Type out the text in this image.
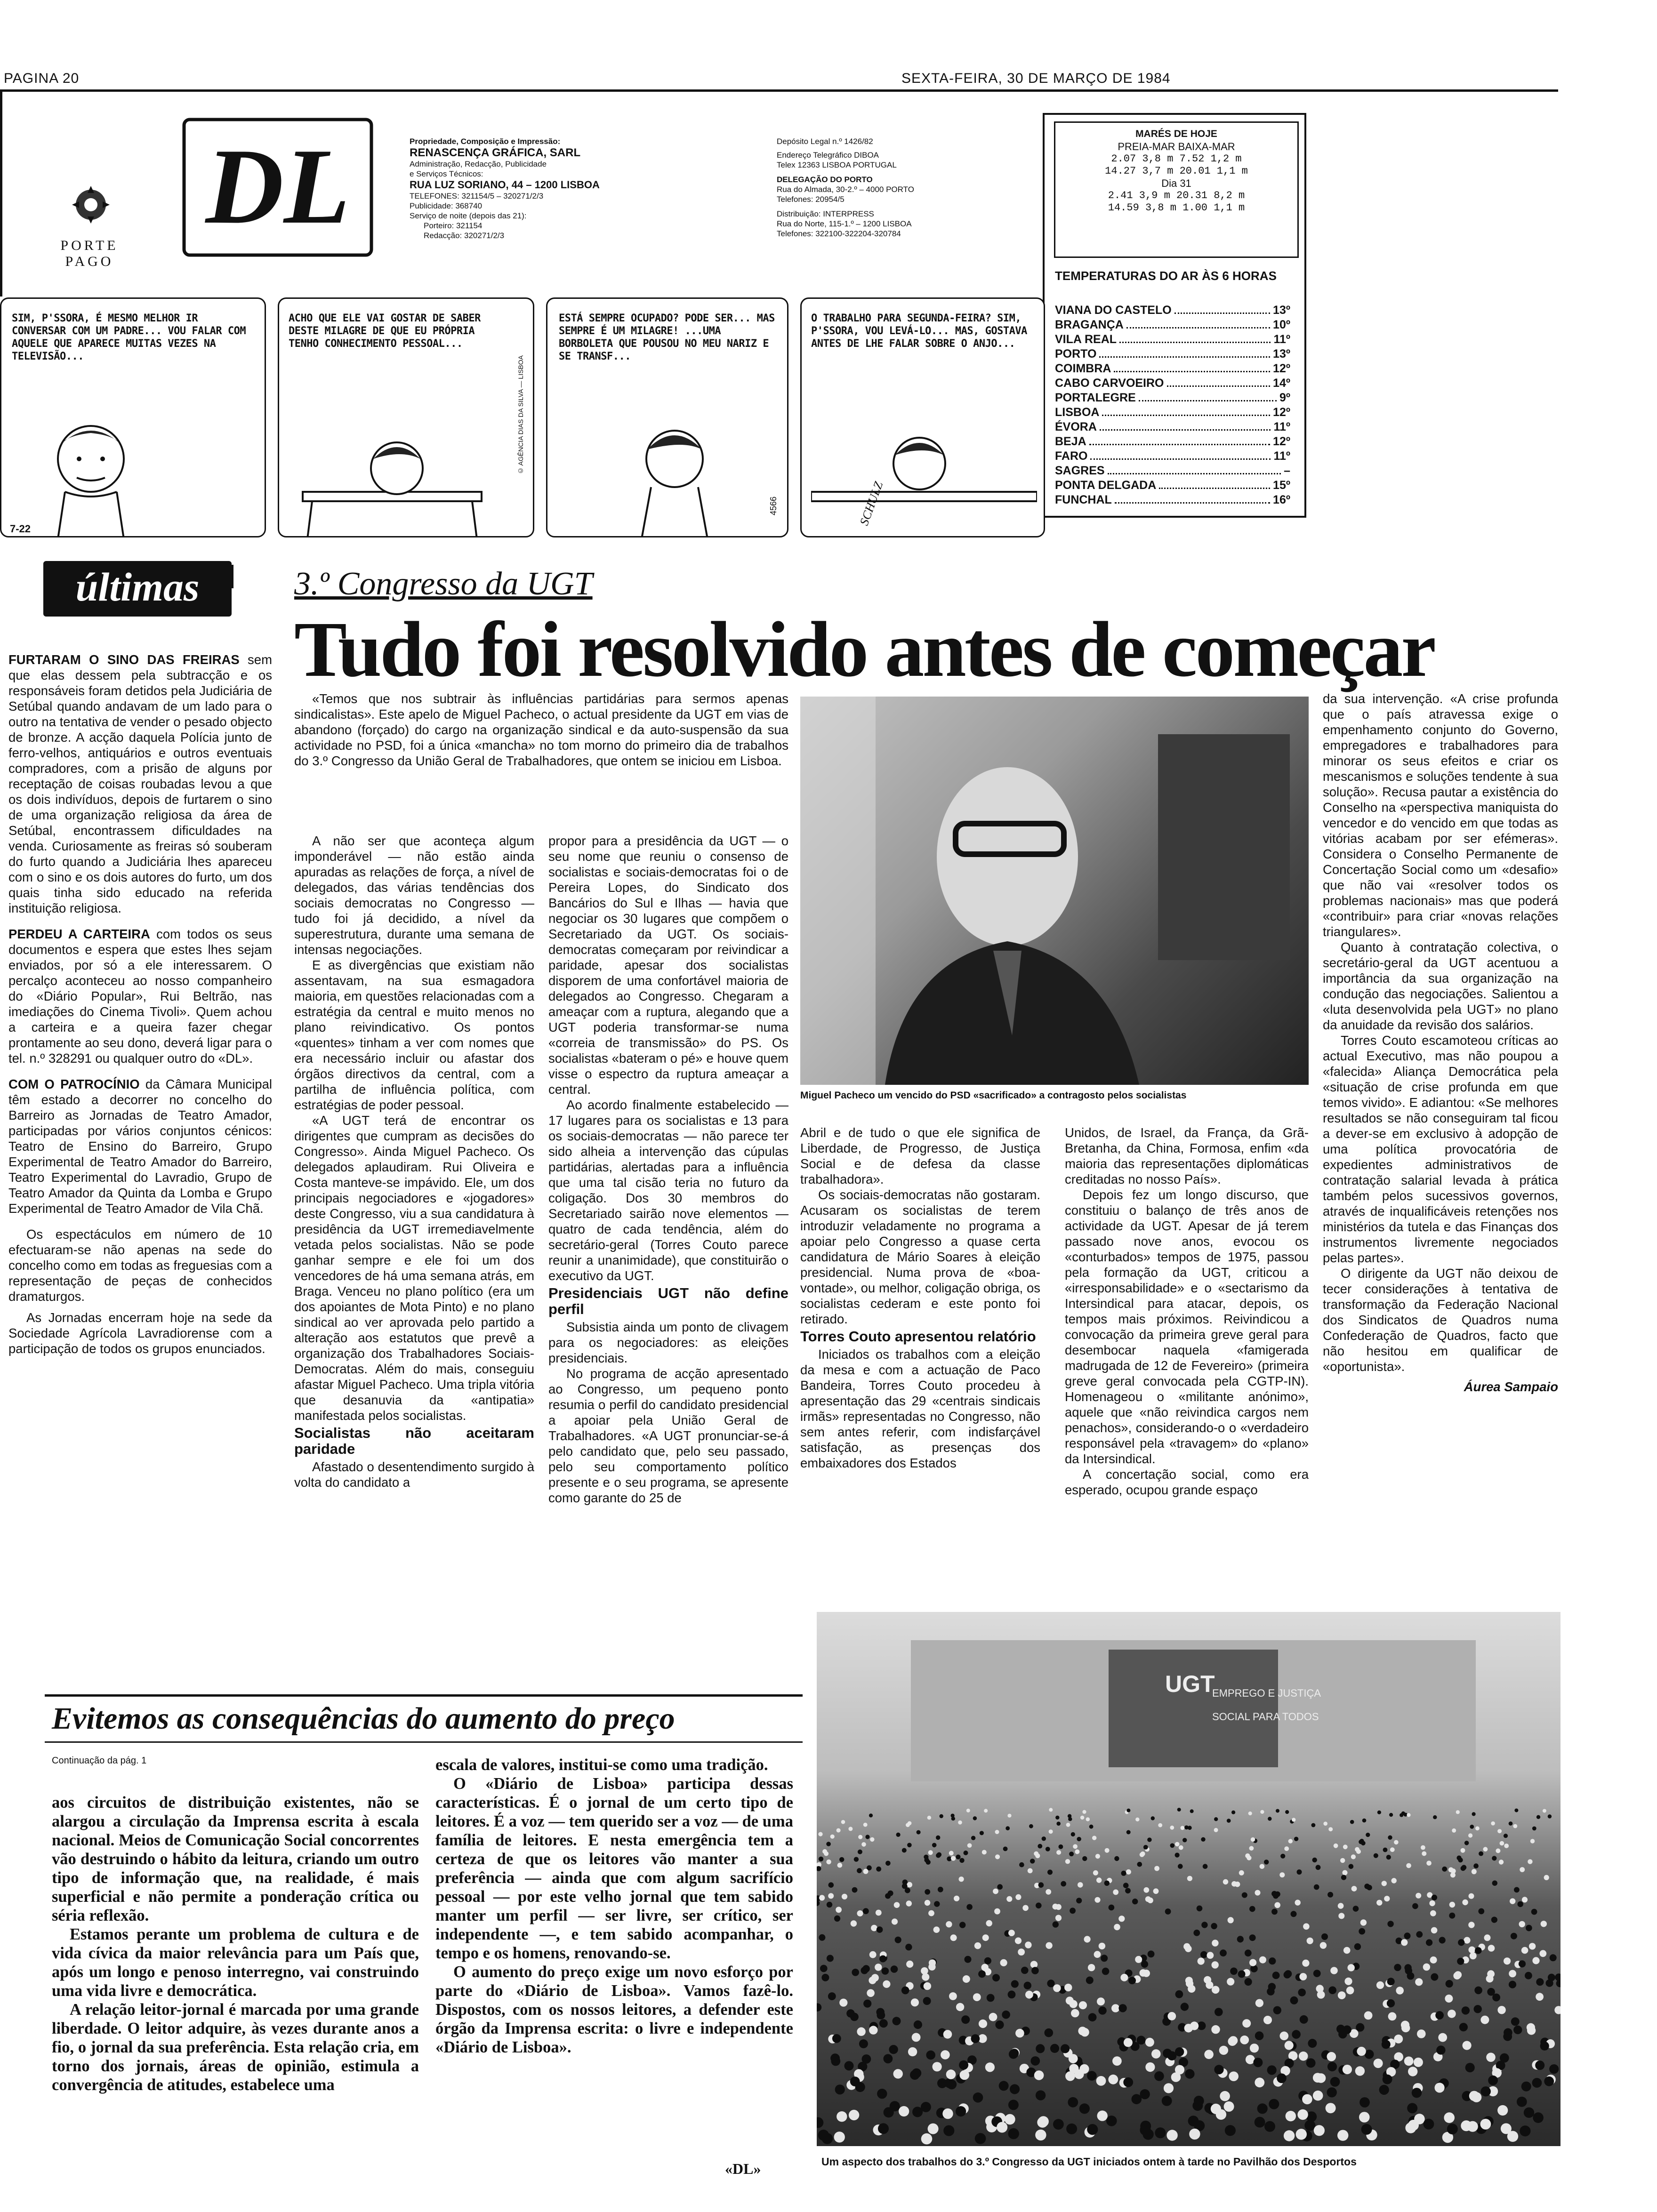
PAGINA 20	SEXTA-FEIRA, 30 DE MARÇO DE 1984
DL
PORTE
PAGO
Propriedade, Composição e Impressão:
RENASCENÇA GRÁFICA, SARL
Administração, Redacção, Publicidade
e Serviços Técnicos:
RUA LUZ SORIANO, 44 – 1200 LISBOA
TELEFONES: 321154/5 – 320271/2/3
Publicidade: 368740
Serviço de noite (depois das 21):
Porteiro: 321154
Redacção: 320271/2/3
Depósito Legal n.º 1426/82
Endereço Telegráfico DIBOA
Telex 12363 LISBOA PORTUGAL
DELEGAÇÃO DO PORTO
Rua do Almada, 30-2.º – 4000 PORTO
Telefones: 20954/5
Distribuição: INTERPRESS
Rua do Norte, 115-1.º – 1200 LISBOA
Telefones: 322100-322204-320784
MARÉS DE HOJE
PREIA-MAR BAIXA-MAR
2.07 3,8 m 7.52 1,2 m
14.27 3,7 m 20.01 1,1 m
Dia 31
2.41 3,9 m 20.31 8,2 m
14.59 3,8 m 1.00 1,1 m
TEMPERATURAS DO AR ÀS 6 HORAS
VIANA DO CASTELO	13º
BRAGANÇA	10º
VILA REAL	11º
PORTO	13º
COIMBRA	12º
CABO CARVOEIRO	14º
PORTALEGRE	9º
LISBOA	12º
ÉVORA	11º
BEJA	12º
FARO	11º
SAGRES	–
PONTA DELGADA	15º
FUNCHAL	16º
SIM, P'SSORA, É MESMO MELHOR IR CONVERSAR COM UM PADRE... VOU FALAR COM AQUELE QUE APARECE MUITAS VEZES NA TELEVISÃO...
7-22
ACHO QUE ELE VAI GOSTAR DE SABER DESTE MILAGRE DE QUE EU PRÓPRIA TENHO CONHECIMENTO PESSOAL...
© AGÊNCIA DIAS DA SILVA — LISBOA
ESTÁ SEMPRE OCUPADO? PODE SER... MAS SEMPRE É UM MILAGRE! ...UMA BORBOLETA QUE POUSOU NO MEU NARIZ E SE TRANSF...
4566
O TRABALHO PARA SEGUNDA-FEIRA? SIM, P'SSORA, VOU LEVÁ-LO... MAS, GOSTAVA ANTES DE LHE FALAR SOBRE O ANJO...
SCHULZ
últimas

FURTARAM O SINO DAS FREIRAS sem que elas dessem pela subtracção e os responsáveis foram detidos pela Judiciária de Setúbal quando andavam de um lado para o outro na tentativa de vender o pesado objecto de bronze. A acção daquela Polícia junto de ferro-velhos, antiquários e outros eventuais compradores, com a prisão de alguns por receptação de coisas roubadas levou a que os dois indivíduos, depois de furtarem o sino de uma organização religiosa da área de Setúbal, encontrassem dificuldades na venda. Curiosamente as freiras só souberam do furto quando a Judiciária lhes apareceu com o sino e os dois autores do furto, um dos quais tinha sido educado na referida instituição religiosa.

PERDEU A CARTEIRA com todos os seus documentos e espera que estes lhes sejam enviados, por só a ele interessarem. O percalço aconteceu ao nosso companheiro do «Diário Popular», Rui Beltrão, nas imediações do Cinema Tivoli». Quem achou a carteira e a queira fazer chegar prontamente ao seu dono, deverá ligar para o tel. n.º 328291 ou qualquer outro do «DL».

COM O PATROCÍNIO da Câmara Municipal têm estado a decorrer no concelho do Barreiro as Jornadas de Teatro Amador, participadas por vários conjuntos cénicos: Teatro de Ensino do Barreiro, Grupo Experimental de Teatro Amador do Barreiro, Teatro Experimental do Lavradio, Grupo de Teatro Amador da Quinta da Lomba e Grupo Experimental de Teatro Amador de Vila Chã.

Os espectáculos em número de 10 efectuaram-se não apenas na sede do concelho como em todas as freguesias com a representação de peças de conhecidos dramaturgos.

As Jornadas encerram hoje na sede da Sociedade Agrícola Lavradiorense com a participação de todos os grupos enunciados.

3.º Congresso da UGT
Tudo foi resolvido antes de começar

«Temos que nos subtrair às influências partidárias para sermos apenas sindicalistas». Este apelo de Miguel Pacheco, o actual presidente da UGT em vias de abandono (forçado) do cargo na organização sindical e da auto-suspensão da sua actividade no PSD, foi a única «mancha» no tom morno do primeiro dia de trabalhos do 3.º Congresso da União Geral de Trabalhadores, que ontem se iniciou em Lisboa.

Miguel Pacheco um vencido do PSD «sacrificado» a contragosto pelos socialistas

A não ser que aconteça algum imponderável — não estão ainda apuradas as relações de força, a nível de delegados, das várias tendências dos sociais democratas no Congresso — tudo foi já decidido, a nível da superestrutura, durante uma semana de intensas negociações.

E as divergências que existiam não assentavam, na sua esmagadora maioria, em questões relacionadas com a estratégia da central e muito menos no plano reivindicativo. Os pontos «quentes» tinham a ver com nomes que era necessário incluir ou afastar dos órgãos directivos da central, com a partilha de influência política, com estratégias de poder pessoal.

«A UGT terá de encontrar os dirigentes que cumpram as decisões do Congresso». Ainda Miguel Pacheco. Os delegados aplaudiram. Rui Oliveira e Costa manteve-se impávido. Ele, um dos principais negociadores e «jogadores» deste Congresso, viu a sua candidatura à presidência da UGT irremediavelmente vetada pelos socialistas. Não se pode ganhar sempre e ele foi um dos vencedores de há uma semana atrás, em Braga. Venceu no plano político (era um dos apoiantes de Mota Pinto) e no plano sindical ao ver aprovada pelo partido a alteração aos estatutos que prevê a organização dos Trabalhadores Sociais-Democratas. Além do mais, conseguiu afastar Miguel Pacheco. Uma tripla vitória que desanuvia da «antipatia» manifestada pelos socialistas.

Socialistas não aceitaram paridade

Afastado o desentendimento surgido à volta do candidato a

propor para a presidência da UGT — o seu nome que reuniu o consenso de socialistas e sociais-democratas foi o de Pereira Lopes, do Sindicato dos Bancários do Sul e Ilhas — havia que negociar os 30 lugares que compõem o Secretariado da UGT. Os sociais-democratas começaram por reivindicar a paridade, apesar dos socialistas disporem de uma confortável maioria de delegados ao Congresso. Chegaram a ameaçar com a ruptura, alegando que a UGT poderia transformar-se numa «correia de transmissão» do PS. Os socialistas «bateram o pé» e houve quem visse o espectro da ruptura ameaçar a central.

Ao acordo finalmente estabelecido — 17 lugares para os socialistas e 13 para os sociais-democratas — não parece ter sido alheia a intervenção das cúpulas partidárias, alertadas para a influência que uma tal cisão teria no futuro da coligação. Dos 30 membros do Secretariado sairão nove elementos — quatro de cada tendência, além do secretário-geral (Torres Couto parece reunir a unanimidade), que constituirão o executivo da UGT.

Presidenciais UGT não define perfil

Subsistia ainda um ponto de clivagem para os negociadores: as eleições presidenciais.

No programa de acção apresentado ao Congresso, um pequeno ponto resumia o perfil do candidato presidencial a apoiar pela União Geral de Trabalhadores. «A UGT pronunciar-se-á pelo candidato que, pelo seu passado, pelo seu comportamento político presente e o seu programa, se apresente como garante do 25 de

Abril e de tudo o que ele significa de Liberdade, de Progresso, de Justiça Social e de defesa da classe trabalhadora».

Os sociais-democratas não gostaram. Acusaram os socialistas de terem introduzir veladamente no programa a apoiar pelo Congresso a quase certa candidatura de Mário Soares à eleição presidencial. Numa prova de «boa-vontade», ou melhor, coligação obriga, os socialistas cederam e este ponto foi retirado.

Torres Couto apresentou relatório

Iniciados os trabalhos com a eleição da mesa e com a actuação de Paco Bandeira, Torres Couto procedeu à apresentação das 29 «centrais sindicais irmãs» representadas no Congresso, não sem antes referir, com indisfarçável satisfação, as presenças dos embaixadores dos Estados

Unidos, de Israel, da França, da Grã-Bretanha, da China, Formosa, enfim «da maioria das representações diplomáticas creditadas no nosso País».

Depois fez um longo discurso, que constituiu o balanço de três anos de actividade da UGT. Apesar de já terem passado nove anos, evocou os «conturbados» tempos de 1975, passou pela formação da UGT, criticou a «irresponsabilidade» e o «sectarismo da Intersindical para atacar, depois, os tempos mais próximos. Reivindicou a convocação da primeira greve geral para desembocar naquela «famigerada madrugada de 12 de Fevereiro» (primeira greve geral convocada pela CGTP-IN). Homenageou o «militante anónimo», aquele que «não reivindica cargos nem penachos», considerando-o o «verdadeiro responsável pela «travagem» do «plano» da Intersindical.

A concertação social, como era esperado, ocupou grande espaço

da sua intervenção. «A crise profunda que o país atravessa exige o empenhamento conjunto do Governo, empregadores e trabalhadores para minorar os seus efeitos e criar os mescanismos e soluções tendente à sua solução». Recusa pautar a existência do Conselho na «perspectiva maniquista do vencedor e do vencido em que todas as vitórias acabam por ser efémeras». Considera o Conselho Permanente de Concertação Social como um «desafio» que não vai «resolver todos os problemas nacionais» mas que poderá «contribuir» para criar «novas relações triangulares».

Quanto à contratação colectiva, o secretário-geral da UGT acentuou a importância da sua organização na condução das negociações. Salientou a «luta desenvolvida pela UGT» no plano da anuidade da revisão dos salários.

Torres Couto escamoteou críticas ao actual Executivo, mas não poupou a «falecida» Aliança Democrática pela «situação de crise profunda em que temos vivido». E adiantou: «Se melhores resultados se não conseguiram tal ficou a dever-se em exclusivo à adopção de uma política provocatória de expedientes administrativos de contratação salarial levada à prática também pelos sucessivos governos, através de inqualificáveis retenções nos ministérios da tutela e das Finanças dos instrumentos livremente negociados pelas partes».

O dirigente da UGT não deixou de tecer considerações à tentativa de transformação da Federação Nacional dos Sindicatos de Quadros numa Confederação de Quadros, facto que não hesitou em qualificar de «oportunista».

Áurea Sampaio
Evitemos as consequências do aumento do preço
Continuação da pág. 1

aos circuitos de distribuição existentes, não se alargou a circulação da Imprensa escrita à escala nacional. Meios de Comunicação Social concorrentes vão destruindo o hábito da leitura, criando um outro tipo de informação que, na realidade, é mais superficial e não permite a ponderação crítica ou séria reflexão.

Estamos perante um problema de cultura e de vida cívica da maior relevância para um País que, após um longo e penoso interregno, vai construindo uma vida livre e democrática.

A relação leitor-jornal é marcada por uma grande liberdade. O leitor adquire, às vezes durante anos a fio, o jornal da sua preferência. Esta relação cria, em torno dos jornais, áreas de opinião, estimula a convergência de atitudes, estabelece uma

escala de valores, institui-se como uma tradição.

O «Diário de Lisboa» participa dessas características. É o jornal de um certo tipo de leitores. É a voz — tem querido ser a voz — de uma família de leitores. E nesta emergência tem a certeza de que os leitores vão manter a sua preferência — ainda que com algum sacrifício pessoal — por este velho jornal que tem sabido manter um perfil — ser livre, ser crítico, ser independente —, e tem sabido acompanhar, o tempo e os homens, renovando-se.

O aumento do preço exige um novo esforço por parte do «Diário de Lisboa». Vamos fazê-lo. Dispostos, com os nossos leitores, a defender este órgão da Imprensa escrita: o livre e independente «Diário de Lisboa».

«DL»
UGT
EMPREGO E JUSTIÇA
SOCIAL PARA TODOS
Um aspecto dos trabalhos do 3.º Congresso da UGT iniciados ontem à tarde no Pavilhão dos Desportos
